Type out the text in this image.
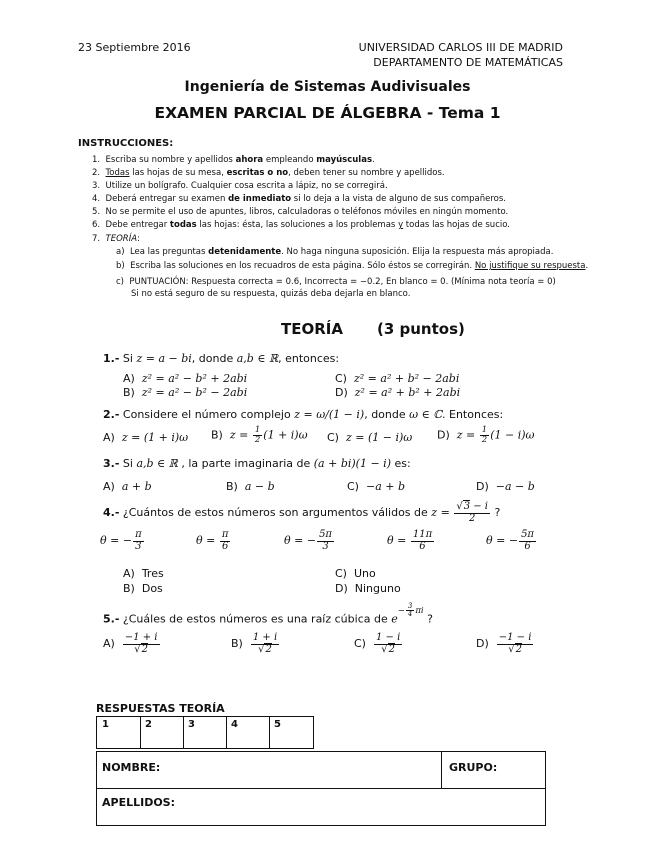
23 Septiembre 2016	UNIVERSIDAD CARLOS III DE MADRID
DEPARTAMENTO DE MATEMÁTICAS
Ingeniería de Sistemas Audivisuales
EXAMEN PARCIAL DE ÁLGEBRA - Tema 1
INSTRUCCIONES:
1. Escriba su nombre y apellidos ahora empleando mayúsculas.
2. Todas las hojas de su mesa, escritas o no, deben tener su nombre y apellidos.
3. Utilize un bolígrafo. Cualquier cosa escrita a lápiz, no se corregirá.
4. Deberá entregar su examen de inmediato si lo deja a la vista de alguno de sus compañeros.
5. No se permite el uso de apuntes, libros, calculadoras o teléfonos móviles en ningún momento.
6. Debe entregar todas las hojas: ésta, las soluciones a los problemas y todas las hojas de sucio.
7. TEORÍA:
a) Lea las preguntas detenidamente. No haga ninguna suposición. Elija la respuesta más apropiada.
b) Escriba las soluciones en los recuadros de esta página. Sólo éstos se corregirán. No justifique su respuesta.
c) PUNTUACIÓN: Respuesta correcta = 0.6, Incorrecta = −0.2, En blanco = 0. (Mínima nota teoría = 0)
Si no está seguro de su respuesta, quizás deba dejarla en blanco.
TEORÍA (3 puntos)
1.- Si z = a − bi, donde a,b ∈ ℝ, entonces:
A) z² = a² − b² + 2abi
B) z² = a² − b² − 2abi
C) z² = a² + b² − 2abi
D) z² = a² + b² + 2abi
2.- Considere el número complejo z = ω/(1 − i), donde ω ∈ ℂ. Entonces:
A) z = (1 + i)ω B) $z = \frac{1}{2} (1 + i)\omega$ C) z = (1 − i)ω D) $z = \frac{1}{2} (1 - i)\omega$
3.- Si a,b ∈ ℝ , la parte imaginaria de (a + bi)(1 − i) es:
A) a + b	B) a − b	C) −a + b	D) −a − b
4.- ¿Cuántos de estos números son argumentos válidos de $z = \frac{√3 - i}{2}$ ?
θ = − $\frac{\pi}{3}$	$\theta = \frac{\pi}{6}$	θ = − $\frac{5\pi}{3}$	$\theta = \frac{11\pi}{6}$	θ = − $\frac{5\pi}{6}$
A) Tres
B) Dos
C) Uno
D) Ninguno
5.- ¿Cuáles de estos números es una raíz cúbica de $e^{- \frac{3}{4} \pi i}$ ?
$A) \frac{-1 + i}{√2}$	$B) \frac{1 + i}{√2}$	$C) \frac{1 - i}{√2}$	$D) \frac{-1 - i}{√2}$
RESPUESTAS TEORÍA
1	2	3	4	5
NOMBRE:	GRUPO:
APELLIDOS:
